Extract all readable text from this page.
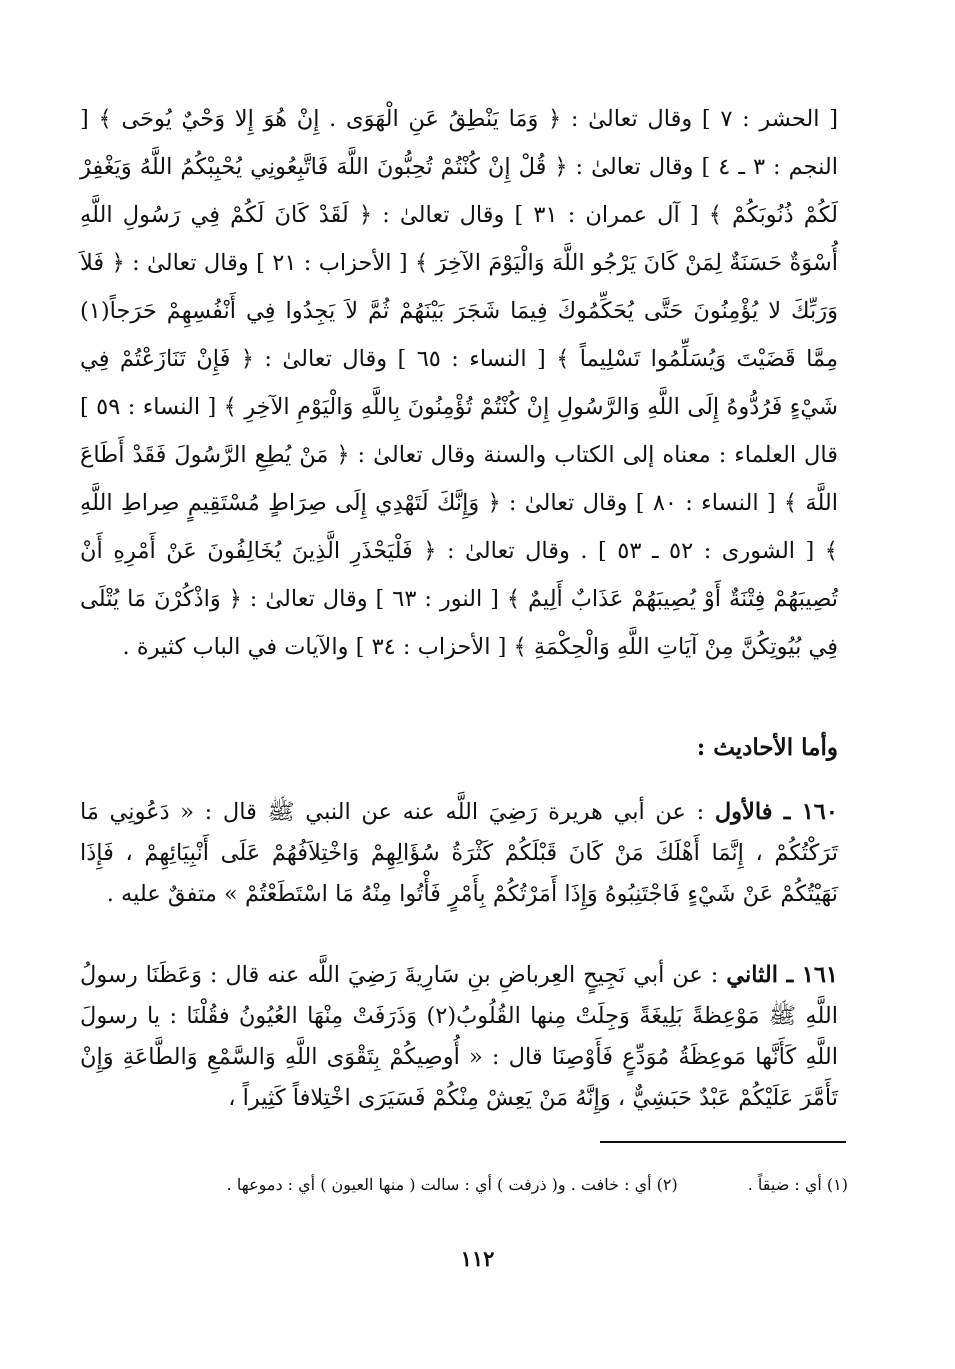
[ الحشر : ٧ ] وقال تعالىٰ : ﴿ وَمَا يَنْطِقُ عَنِ الْهَوَى . إِنْ هُوَ إِلا وَحْيٌ يُوحَى ﴾ [ النجم : ٣ ـ ٤ ] وقال تعالىٰ : ﴿ قُلْ إِنْ كُنْتُمْ تُحِبُّونَ اللَّهَ فَاتَّبِعُونِي يُحْبِبْكُمُ اللَّهُ وَيَغْفِرْ لَكُمْ ذُنُوبَكُمْ ﴾ [ آل عمران : ٣١ ] وقال تعالىٰ : ﴿ لَقَدْ كَانَ لَكُمْ فِي رَسُولِ اللَّهِ أُسْوَةٌ حَسَنَةٌ لِمَنْ كَانَ يَرْجُو اللَّهَ وَالْيَوْمَ الآخِرَ ﴾ [ الأحزاب : ٢١ ] وقال تعالىٰ : ﴿ فَلاَ وَرَبِّكَ لا يُؤْمِنُونَ حَتَّى يُحَكِّمُوكَ فِيمَا شَجَرَ بَيْنَهُمْ ثُمَّ لاَ يَجِدُوا فِي أَنْفُسِهِمْ حَرَجاً(١) مِمَّا قَضَيْتَ وَيُسَلِّمُوا تَسْلِيماً ﴾ [ النساء : ٦٥ ] وقال تعالىٰ : ﴿ فَإِنْ تَنَازَعْتُمْ فِي شَيْءٍ فَرُدُّوهُ إِلَى اللَّهِ وَالرَّسُولِ إِنْ كُنْتُمْ تُؤْمِنُونَ بِاللَّهِ وَالْيَوْمِ الآخِرِ ﴾ [ النساء : ٥٩ ] قال العلماء : معناه إلى الكتاب والسنة وقال تعالىٰ : ﴿ مَنْ يُطِعِ الرَّسُولَ فَقَدْ أَطَاعَ اللَّهَ ﴾ [ النساء : ٨٠ ] وقال تعالىٰ : ﴿ وَإِنَّكَ لَتَهْدِي إِلَى صِرَاطٍ مُسْتَقِيمٍ صِراطِ اللَّهِ ﴾ [ الشورى : ٥٢ ـ ٥٣ ] . وقال تعالىٰ : ﴿ فَلْيَحْذَرِ الَّذِينَ يُخَالِفُونَ عَنْ أَمْرِهِ أَنْ تُصِيبَهُمْ فِتْنَةٌ أَوْ يُصِيبَهُمْ عَذَابٌ أَلِيمٌ ﴾ [ النور : ٦٣ ] وقال تعالىٰ : ﴿ وَاذْكُرْنَ مَا يُتْلَى فِي بُيُوتِكُنَّ مِنْ آيَاتِ اللَّهِ وَالْحِكْمَةِ ﴾ [ الأحزاب : ٣٤ ] والآيات في الباب كثيرة .

وأما الأحاديث :

١٦٠ ـ فالأول : عن أبي هريرة رَضِيَ اللَّه عنه عن النبي ﷺ قال : « دَعُونِي مَا تَرَكْتُكُمْ ، إِنَّمَا أَهْلَكَ مَنْ كَانَ قَبْلَكُمْ كَثْرَةُ سُؤَالِهِمْ وَاخْتِلاَفُهُمْ عَلَى أَنْبِيَائِهِمْ ، فَإِذَا نَهَيْتُكُمْ عَنْ شَيْءٍ فَاجْتَنِبُوهُ وَإِذَا أَمَرْتُكُمْ بِأَمْرٍ فَأْتُوا مِنْهُ مَا اسْتَطَعْتُمْ » متفقٌ عليه .

١٦١ ـ الثاني : عن أبي نَجِيحٍ العِرباضِ بنِ سَارِيةَ رَضِيَ اللَّه عنه قال : وَعَظَنَا رسولُ اللَّهِ ﷺ مَوْعِظةً بَلِيغَةً وَجِلَتْ مِنها القُلُوبُ(٢) وَذَرَفَتْ مِنْهَا العُيُونُ فقُلْنَا : يا رسولَ اللَّهِ كَأَنَّها مَوعِظَةُ مُوَدِّعٍ فَأَوْصِنَا قال : « أُوصِيكُمْ بِتَقْوَى اللَّهِ وَالسَّمْعِ وَالطَّاعَةِ وَإِنْ تَأَمَّرَ عَلَيْكُمْ عَبْدٌ حَبَشِيٌّ ، وَإِنَّهُ مَنْ يَعِشْ مِنْكُمْ فَسَيَرَى اخْتِلافاً كَثِيراً ،

(١) أي : ضيقاً .
(٢) أي : خافت . و( ذرفت ) أي : سالت ( منها العيون ) أي : دموعها .
١١٢
